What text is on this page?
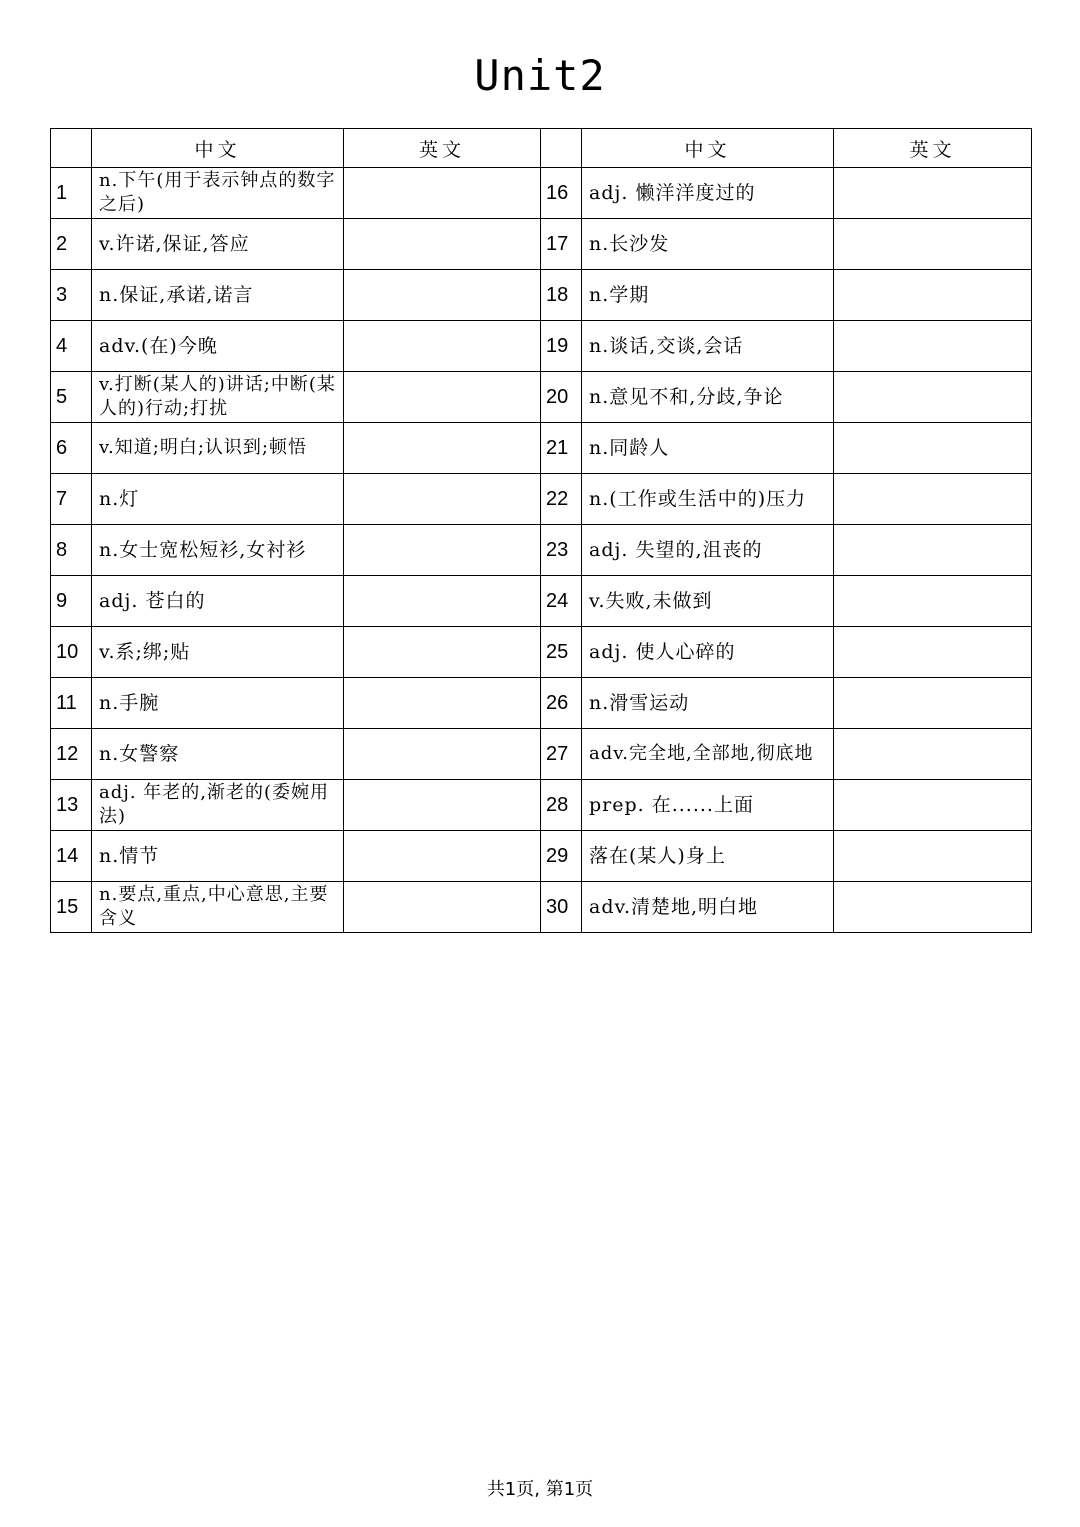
Unit2
	中文	英文		中文	英文
1	n.下午(用于表示钟点的数字之后)		16	adj. 懒洋洋度过的	
2	v.许诺,保证,答应		17	n.长沙发	
3	n.保证,承诺,诺言		18	n.学期	
4	adv.(在)今晚		19	n.谈话,交谈,会话	
5	v.打断(某人的)讲话;中断(某人的)行动;打扰		20	n.意见不和,分歧,争论	
6	v.知道;明白;认识到;顿悟		21	n.同龄人	
7	n.灯		22	n.(工作或生活中的)压力	
8	n.女士宽松短衫,女衬衫		23	adj. 失望的,沮丧的	
9	adj. 苍白的		24	v.失败,未做到	
10	v.系;绑;贴		25	adj. 使人心碎的	
11	n.手腕		26	n.滑雪运动	
12	n.女警察		27	adv.完全地,全部地,彻底地	
13	adj. 年老的,渐老的(委婉用法)		28	prep. 在......上面	
14	n.情节		29	落在(某人)身上	
15	n.要点,重点,中心意思,主要含义		30	adv.清楚地,明白地	
共1页, 第1页
